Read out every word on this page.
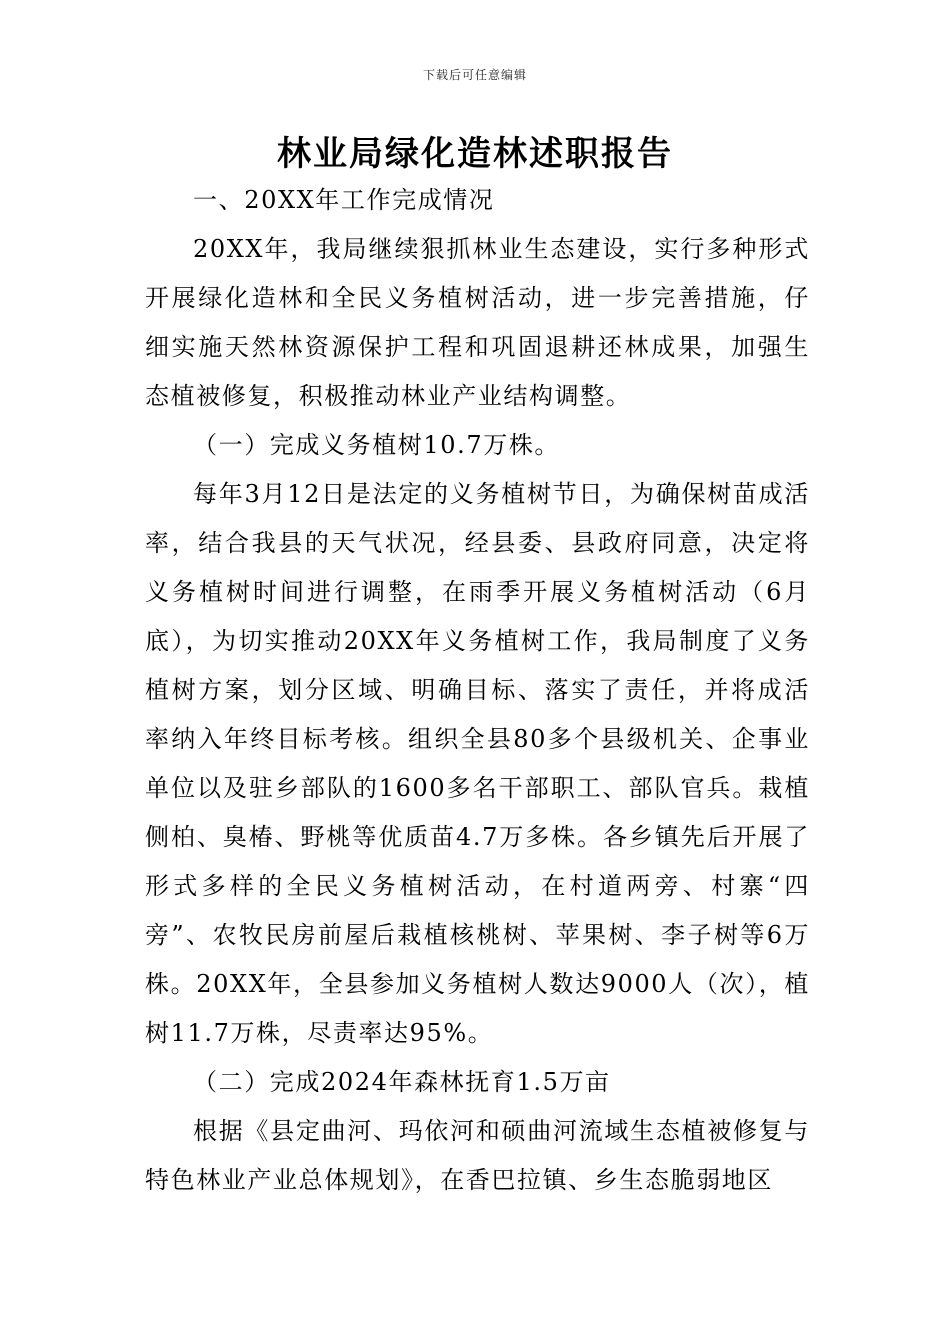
下载后可任意编辑
林业局绿化造林述职报告

一、20XX年工作完成情况

20XX年，我局继续狠抓林业生态建设，实行多种形式开展绿化造林和全民义务植树活动，进一步完善措施，仔细实施天然林资源保护工程和巩固退耕还林成果，加强生态植被修复，积极推动林业产业结构调整。

（一）完成义务植树10.7万株。

每年3月12日是法定的义务植树节日，为确保树苗成活率，结合我县的天气状况，经县委、县政府同意，决定将义务植树时间进行调整，在雨季开展义务植树活动（6月底），为切实推动20XX年义务植树工作，我局制度了义务植树方案，划分区域、明确目标、落实了责任，并将成活率纳入年终目标考核。组织全县80多个县级机关、企事业单位以及驻乡部队的1600多名干部职工、部队官兵。栽植侧柏、臭椿、野桃等优质苗4.7万多株。各乡镇先后开展了形式多样的全民义务植树活动，在村道两旁、村寨“四旁”、农牧民房前屋后栽植核桃树、苹果树、李子树等6万株。20XX年，全县参加义务植树人数达9000人（次），植树11.7万株，尽责率达95%。

（二）完成2024年森林抚育1.5万亩

根据《县定曲河、玛依河和硕曲河流域生态植被修复与特色林业产业总体规划》，在香巴拉镇、乡生态脆弱地区
